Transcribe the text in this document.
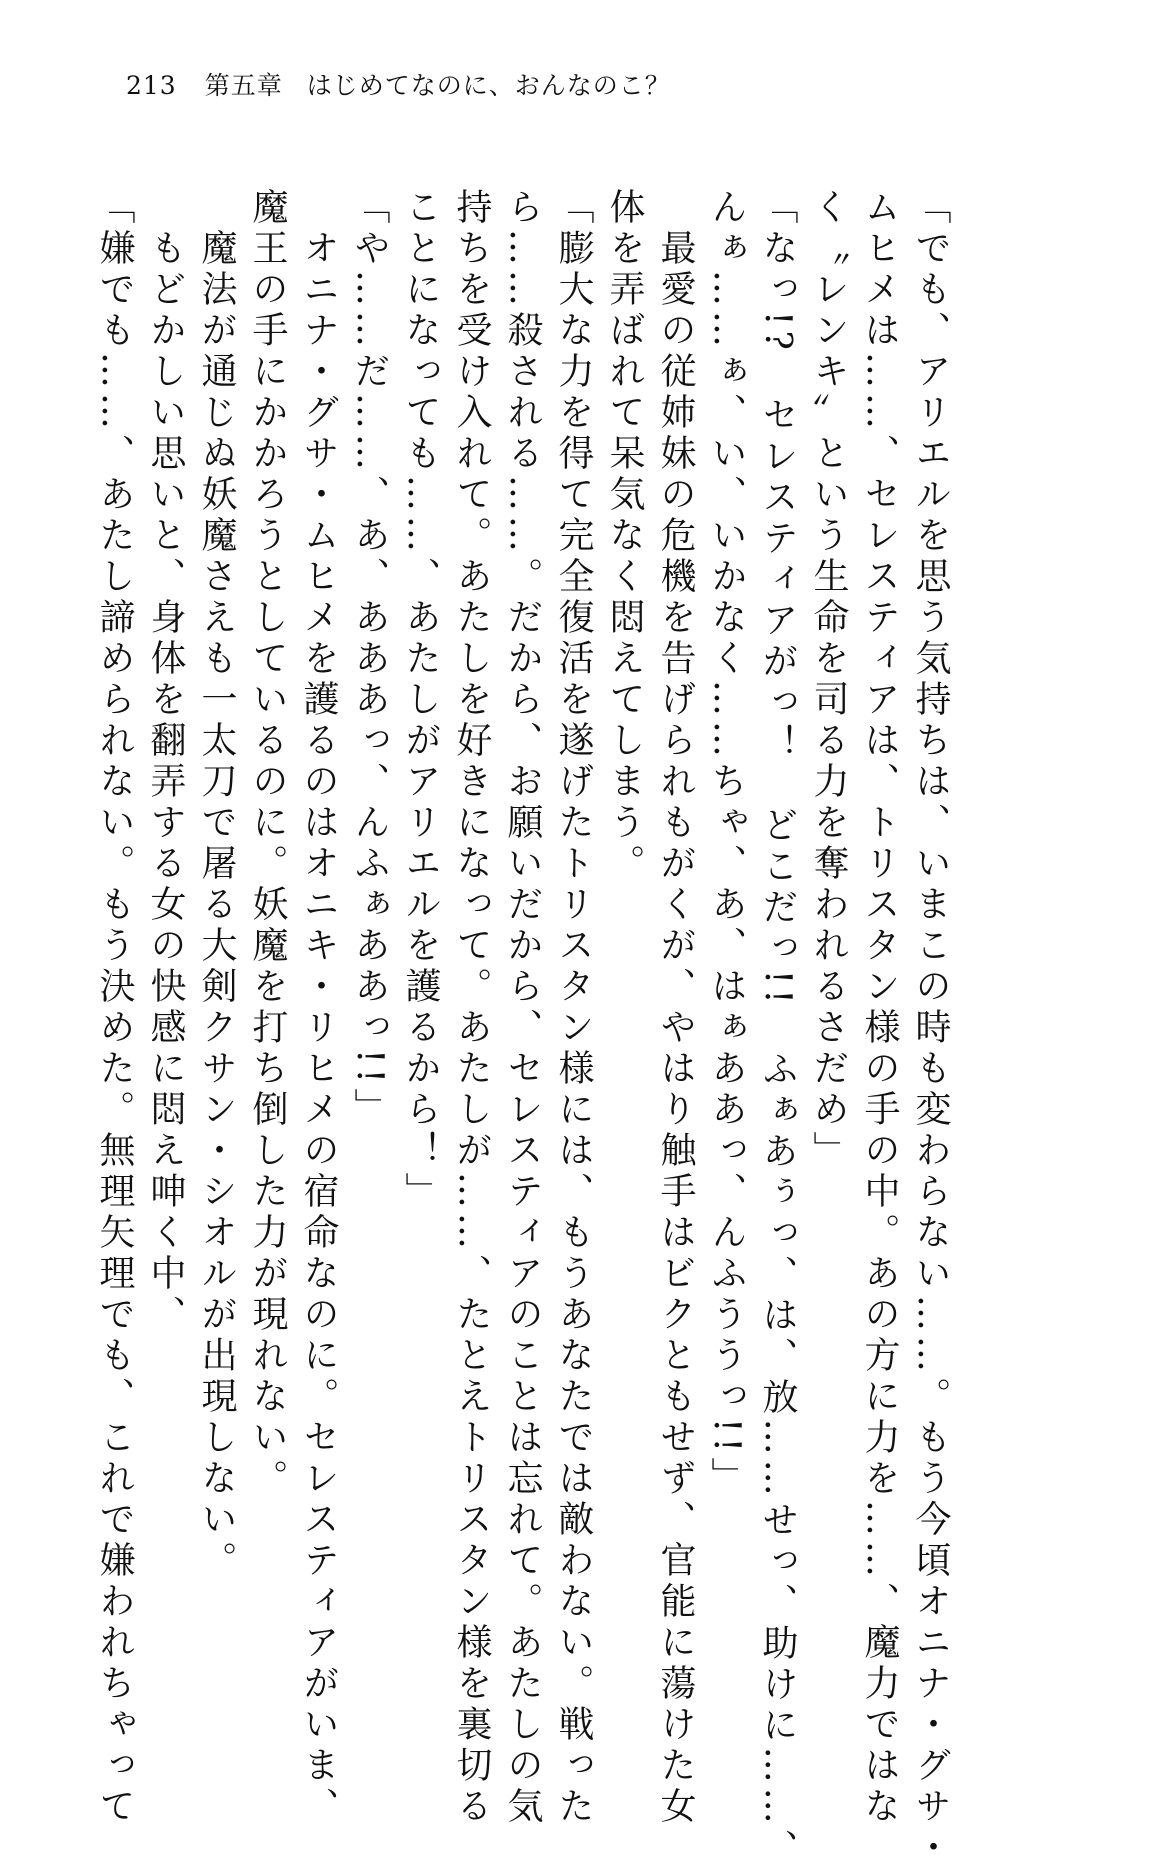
213 第五章 はじめてなのに、おんなのこ？
「でも、アリエルを思う気持ちは、いまこの時も変わらない……。もう今頃オニナ・グサ・
ムヒメは……、セレスティアは、トリスタン様の手の中。あの方に力を……、魔力ではな
く〝レンキ〟という生命を司る力を奪われるさだめ」
「なっ!?　セレスティアがっ！　どこだっ!!　ふぁあぅっ、は、放……せっ、助けに……、
んぁ……ぁ、い、いかなく……ちゃ、あ、はぁああっ、んふううっ!!」
　最愛の従姉妹の危機を告げられもがくが、やはり触手はビクともせず、官能に蕩けた女
体を弄ばれて呆気なく悶えてしまう。
「膨大な力を得て完全復活を遂げたトリスタン様には、もうあなたでは敵わない。戦った
ら……殺される……。だから、お願いだから、セレスティアのことは忘れて。あたしの気
持ちを受け入れて。あたしを好きになって。あたしが……、たとえトリスタン様を裏切る
ことになっても……、あたしがアリエルを護るから！」
「や……だ……、あ、あああっ、んふぁああっ!!」
　オニナ・グサ・ムヒメを護るのはオニキ・リヒメの宿命なのに。セレスティアがいま、
魔王の手にかかろうとしているのに。妖魔を打ち倒した力が現れない。
　魔法が通じぬ妖魔さえも一太刀で屠る大剣クサン・シオルが出現しない。
　もどかしい思いと、身体を翻弄する女の快感に悶え呻く中、
「嫌でも……、あたし諦められない。もう決めた。無理矢理でも、これで嫌われちゃって
